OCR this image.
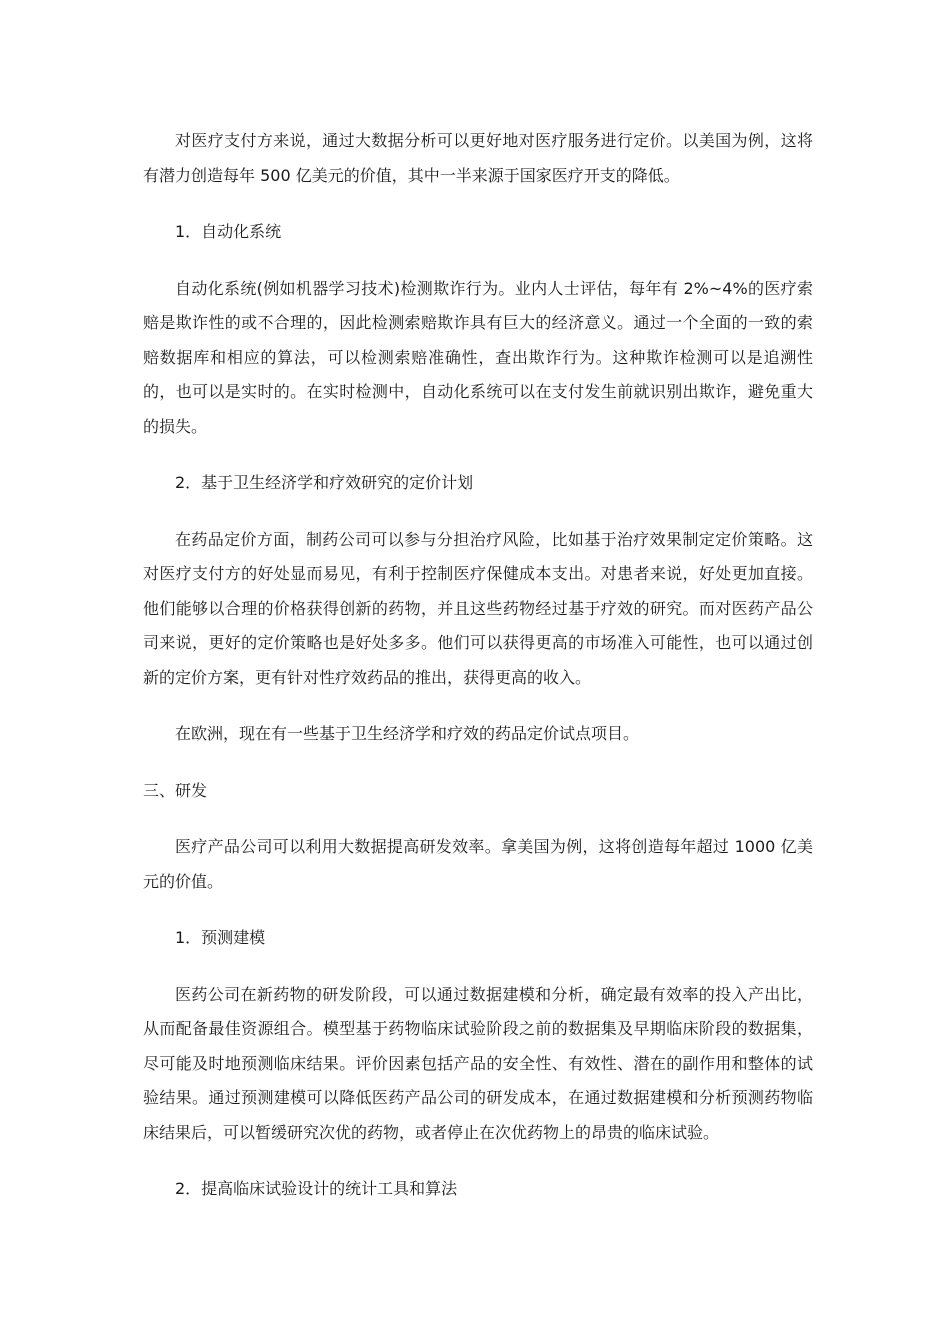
对医疗支付方来说，通过大数据分析可以更好地对医疗服务进行定价。以美国为例，这将有潜力创造每年 500 亿美元的价值，其中一半来源于国家医疗开支的降低。

1．自动化系统

自动化系统(例如机器学习技术)检测欺诈行为。业内人士评估，每年有 2%~4%的医疗索赔是欺诈性的或不合理的，因此检测索赔欺诈具有巨大的经济意义。通过一个全面的一致的索赔数据库和相应的算法，可以检测索赔准确性，查出欺诈行为。这种欺诈检测可以是追溯性的，也可以是实时的。在实时检测中，自动化系统可以在支付发生前就识别出欺诈，避免重大的损失。

2．基于卫生经济学和疗效研究的定价计划

在药品定价方面，制药公司可以参与分担治疗风险，比如基于治疗效果制定定价策略。这对医疗支付方的好处显而易见，有利于控制医疗保健成本支出。对患者来说，好处更加直接。他们能够以合理的价格获得创新的药物，并且这些药物经过基于疗效的研究。而对医药产品公司来说，更好的定价策略也是好处多多。他们可以获得更高的市场准入可能性，也可以通过创新的定价方案，更有针对性疗效药品的推出，获得更高的收入。

在欧洲，现在有一些基于卫生经济学和疗效的药品定价试点项目。

三、研发

医疗产品公司可以利用大数据提高研发效率。拿美国为例，这将创造每年超过 1000 亿美元的价值。

1．预测建模

医药公司在新药物的研发阶段，可以通过数据建模和分析，确定最有效率的投入产出比，从而配备最佳资源组合。模型基于药物临床试验阶段之前的数据集及早期临床阶段的数据集，尽可能及时地预测临床结果。评价因素包括产品的安全性、有效性、潜在的副作用和整体的试验结果。通过预测建模可以降低医药产品公司的研发成本，在通过数据建模和分析预测药物临床结果后，可以暂缓研究次优的药物，或者停止在次优药物上的昂贵的临床试验。

2．提高临床试验设计的统计工具和算法
